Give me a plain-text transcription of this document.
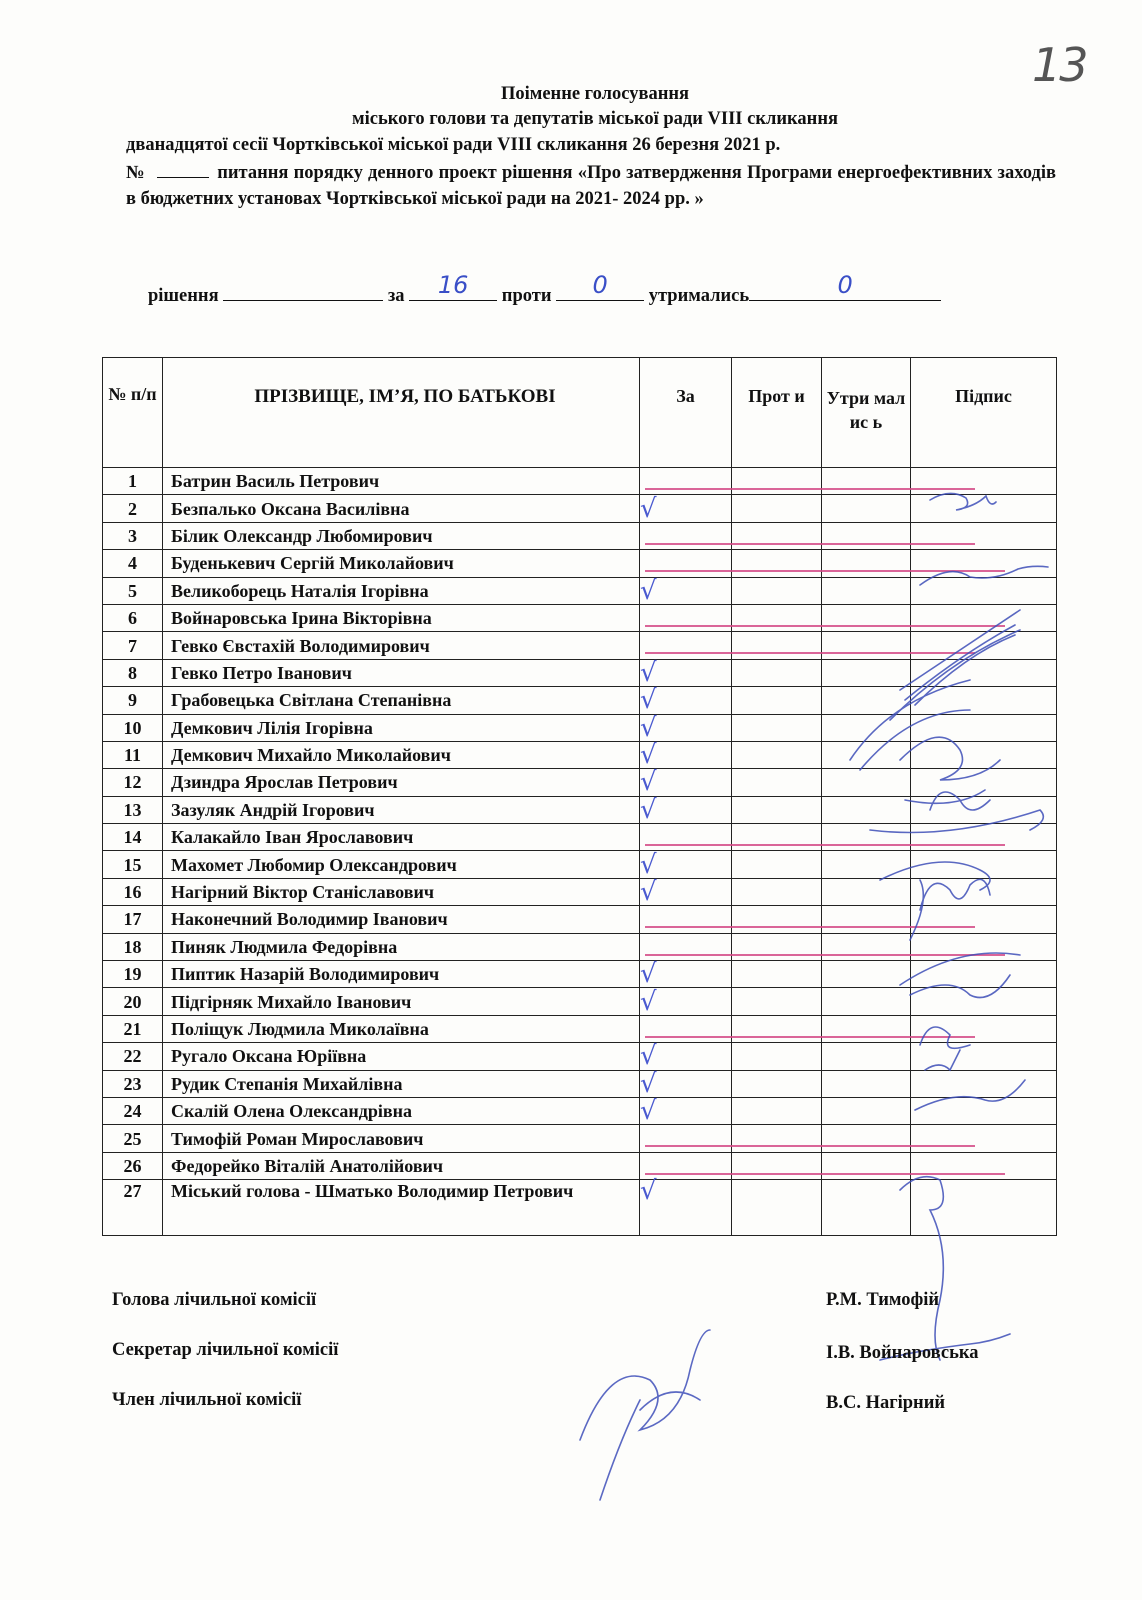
13
Поіменне голосування
міського голови та депутатів міської ради VIII скликання
дванадцятої сесії Чортківської міської ради VIII скликання 26 березня 2021 р.
№	питання порядку денного проект рішення «Про затвердження Програми енергоефективних заходів в бюджетних установах Чортківської міської ради на 2021- 2024 рр. »
рішення	за	16	проти	0	утримались	0
№ п/п	ПРІЗВИЩЕ, ІМ’Я, ПО БАТЬКОВІ	За	Прот и	Утри малис ь	Підпис
1	Батрин Василь Петрович				
2	Безпалько Оксана Василівна	√			
3	Білик Олександр Любомирович				
4	Буденькевич Сергій Миколайович				
5	Великоборець Наталія Ігорівна	√			
6	Войнаровська Ірина Вікторівна				
7	Гевко Євстахій Володимирович				
8	Гевко Петро Іванович	√			
9	Грабовецька Світлана Степанівна	√			
10	Демкович Лілія Ігорівна	√			
11	Демкович Михайло Миколайович	√			
12	Дзиндра Ярослав Петрович	√			
13	Зазуляк Андрій Ігорович	√			
14	Калакайло Іван Ярославович				
15	Махомет Любомир Олександрович	√			
16	Нагірний Віктор Станіславович	√			
17	Наконечний Володимир Іванович				
18	Пиняк Людмила Федорівна				
19	Пиптик Назарій Володимирович	√			
20	Підгірняк Михайло Іванович	√			
21	Поліщук Людмила Миколаївна				
22	Ругало Оксана Юріївна	√			
23	Рудик Степанія Михайлівна	√			
24	Скалій Олена Олександрівна	√			
25	Тимофій Роман Мирославович				
26	Федорейко Віталій Анатолійович				
27	Міський голова - Шматько Володимир Петрович	√			
Голова лічильної комісії	Р.М. Тимофій
Секретар лічильної комісії	І.В. Войнаровська
Член лічильної комісії	В.С. Нагірний
